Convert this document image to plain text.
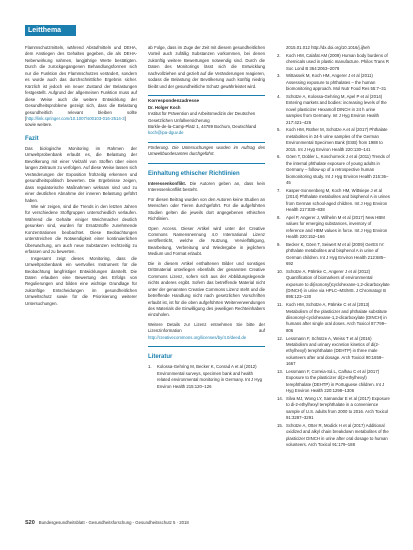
Leitthema

Flammschutzmitteln, während Abstufmitteln und DEHA, dem Anstiegen des Gehaltes gegeben, die als DEHA-Nebenwirkung nahmen, langjährige Werte bestätigten. Durch die zurückgegangenen Behandlungsformen sich nur die Funktion des Flammschutzes verändert, sondern es wurde auch das durchschnittliche Ergebnis sicher. Kürzlich ist jedoch ein neuer Zustand der Belastungen festgestellt. Aufgrund der allgemeinen Funktion muss auf diese Weise auch die weitere Entwicklung der Gesundheitsprobleme gezeigt sich, dass die Belastung gesundheitlich relevant bleiben sollte [http://link.springer.com/10.1007/s00103-016-2514-3] sowie weitere.

Fazit

Das biologische Monitoring im Rahmen der Umweltprobenbank erlaubt es, die Belastung der Bevölkerung mit einer Vielzahl von Stoffen über einen langen Zeitraum zu verfolgen. Auf diese Weise lassen sich Veränderungen der Exposition frühzeitig erkennen und gesundheitspolitisch bewerten. Die Ergebnisse zeigen, dass regulatorische Maßnahmen wirksam sind und zu einer deutlichen Abnahme der inneren Belastung geführt haben.

Wie wir zeigen, sind die Trends in den letzten Jahren für verschiedene Stoffgruppen unterschiedlich verlaufen. Während die Gehalte einiger Weichmacher deutlich gesunken sind, wurden für Ersatzstoffe zunehmende Konzentrationen beobachtet. Diese Beobachtungen unterstreichen die Notwendigkeit einer kontinuierlichen Überwachung, um auch neue Substanzen rechtzeitig zu erfassen und zu bewerten.

Insgesamt zeigt dieses Monitoring, dass die Umweltprobenbank ein wertvolles Instrument für die Beobachtung langfristiger Entwicklungen darstellt. Die Daten erlauben eine Bewertung des Erfolgs von Regulierungen und bilden eine wichtige Grundlage für zukünftige Entscheidungen im gesundheitlichen Umweltschutz sowie für die Priorisierung weiterer Untersuchungen.

ab Folge, dass im Zuge der Zeit mit diesem gesundheitlichen Vorteil auch zufällig Substanzen vorkommen, bei denen zukünftig weitere Bewertungen notwendig sind. Durch die Daten des Monitorings lässt sich die Entwicklung nachvollziehen und gezielt auf die Veränderungen reagieren, sodass die Belastung der Bevölkerung auch künftig niedrig bleibt und der gesundheitliche Schutz gewährleistet wird.

Korrespondenzadresse
Dr. Holger Koch
Institut für Prävention und Arbeitsmedizin der Deutschen Gesetzlichen Unfallversicherung
Bürkle-de-la-Camp-Platz 1, 44789 Bochum, Deutschland
koch@ipa-dguv.de

Förderung. Die Untersuchungen wurden im Auftrag des Umweltbundesamtes durchgeführt.

Einhaltung ethischer Richtlinien

Interessenkonflikt. Die Autoren geben an, dass kein Interessenkonflikt besteht.

Für diesen Beitrag wurden von den Autoren keine Studien an Menschen oder Tieren durchgeführt. Für die aufgeführten Studien gelten die jeweils dort angegebenen ethischen Richtlinien.

Open Access. Dieser Artikel wird unter der Creative Commons Namensnennung 4.0 International Lizenz veröffentlicht, welche die Nutzung, Vervielfältigung, Bearbeitung, Verbreitung und Wiedergabe in jeglichem Medium und Format erlaubt.

Die in diesem Artikel enthaltenen Bilder und sonstiges Drittmaterial unterliegen ebenfalls der genannten Creative Commons Lizenz, sofern sich aus der Abbildungslegende nichts anderes ergibt. Sofern das betreffende Material nicht unter der genannten Creative Commons Lizenz steht und die betreffende Handlung nicht nach gesetzlichen Vorschriften erlaubt ist, ist für die oben aufgeführten Weiterverwendungen des Materials die Einwilligung des jeweiligen Rechteinhabers einzuholen.

Weitere Details zur Lizenz entnehmen Sie bitte der Lizenzinformation auf http://creativecommons.org/licenses/by/4.0/deed.de

Literatur
1.	Kolossa-Gehring M, Becker K, Conrad A et al (2012) Environmental surveys, specimen bank and health related environmental monitoring in Germany. Int J Hyg Environ Health 215:120–126
2015.01.012 http://dx.doi.org/10.1016/j.ijheh
2.	Koch HM, Calafat AM (2009) Human body burdens of chemicals used in plastic manufacture. Philos Trans R Soc Lond B 364:2063–2078
3.	Wittassek M, Koch HM, Angerer J et al (2011) Assessing exposure to phthalates – the human biomonitoring approach. Mol Nutr Food Res 55:7–31
4.	Schütze A, Kolossa-Gehring M, Apel P et al (2014) Entering markets and bodies: increasing levels of the novel plasticizer Hexamoll DINCH in 24 h urine samples from Germany. Int J Hyg Environ Health 217:421–426
5.	Koch HM, Rüther M, Schütze A et al (2017) Phthalate metabolites in 24-h urine samples of the German Environmental Specimen Bank (ESB) from 1988 to 2015. Int J Hyg Environ Health 220:130–141
6.	Göen T, Dobler L, Koschorreck J et al (2011) Trends of the internal phthalate exposure of young adults in Germany – follow-up of a retrospective human biomonitoring study. Int J Hyg Environ Health 215:36–45
7.	Kasper-Sonnenberg M, Koch HM, Wittsiepe J et al (2014) Phthalate metabolites and bisphenol A in urines from German school-aged children. Int J Hyg Environ Health 217:830–838
8.	Apel P, Angerer J, Wilhelm M et al (2017) New HBM values for emerging substances, inventory of reference and HBM values in force. Int J Hyg Environ Health 220:152–166
9.	Becker K, Göen T, Seiwert M et al (2009) GerES IV: phthalate metabolites and bisphenol A in urine of German children. Int J Hyg Environ Health 212:685–692
10. Schütze A, Pälmke C, Angerer J et al (2012) Quantification of biomarkers of environmental exposure to di(isononyl)cyclohexane-1,2-dicarboxylate (DINCH) in urine via HPLC–MS/MS. J Chromatogr B 895:123–130
11. Koch HM, Schütze A, Pälmke C et al (2013) Metabolism of the plasticizer and phthalate substitute diisononyl-cyclohexane-1,2-dicarboxylate (DINCH) in humans after single oral doses. Arch Toxicol 87:799–806
12. Lessmann F, Schütze A, Weiss T et al (2016) Metabolism and urinary excretion kinetics of di(2-ethylhexyl) terephthalate (DEHTP) in three male volunteers after oral dosage. Arch Toxicol 90:1659–1667
13. Lessmann F, Correia-Sá L, Calhau C et al (2017) Exposure to the plasticizer di(2-ethylhexyl) terephthalate (DEHTP) in Portuguese children. Int J Hyg Environ Health 220:1298–1306
14. Silva MJ, Wong LY, Samandar E et al (2017) Exposure to di-2-ethylhexyl terephthalate in a convenience sample of U.S. adults from 2000 to 2016. Arch Toxicol 91:3287–3291
15. Schütze A, Otter R, Modick H et al (2017) Additional oxidized and alkyl chain breakdown metabolites of the plasticizer DINCH in urine after oral dosage to human volunteers. Arch Toxicol 91:179–188
S20 Bundesgesundheitsblatt - Gesundheitsforschung - Gesundheitsschutz 5 · 2018
